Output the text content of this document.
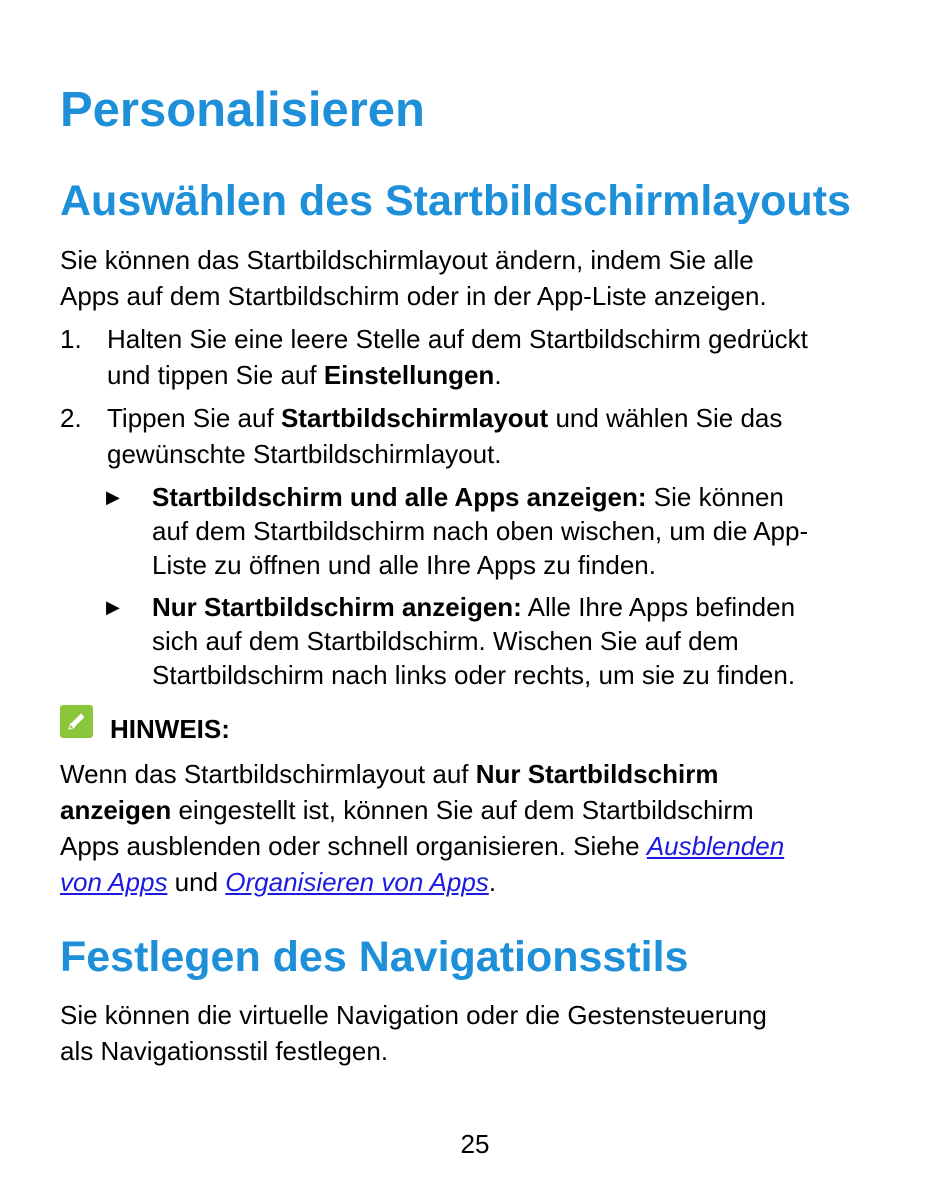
Personalisieren
Auswählen des Startbildschirmlayouts
Sie können das Startbildschirmlayout ändern, indem Sie alle
Apps auf dem Startbildschirm oder in der App-Liste anzeigen.
1. Halten Sie eine leere Stelle auf dem Startbildschirm gedrückt
und tippen Sie auf Einstellungen.
2. Tippen Sie auf Startbildschirmlayout und wählen Sie das
gewünschte Startbildschirmlayout.
▶ Startbildschirm und alle Apps anzeigen: Sie können
auf dem Startbildschirm nach oben wischen, um die App-
Liste zu öffnen und alle Ihre Apps zu finden.
▶ Nur Startbildschirm anzeigen: Alle Ihre Apps befinden
sich auf dem Startbildschirm. Wischen Sie auf dem
Startbildschirm nach links oder rechts, um sie zu finden.
HINWEIS:
Wenn das Startbildschirmlayout auf Nur Startbildschirm
anzeigen eingestellt ist, können Sie auf dem Startbildschirm
Apps ausblenden oder schnell organisieren. Siehe Ausblenden
von Apps und Organisieren von Apps.
Festlegen des Navigationsstils
Sie können die virtuelle Navigation oder die Gestensteuerung
als Navigationsstil festlegen.
25
